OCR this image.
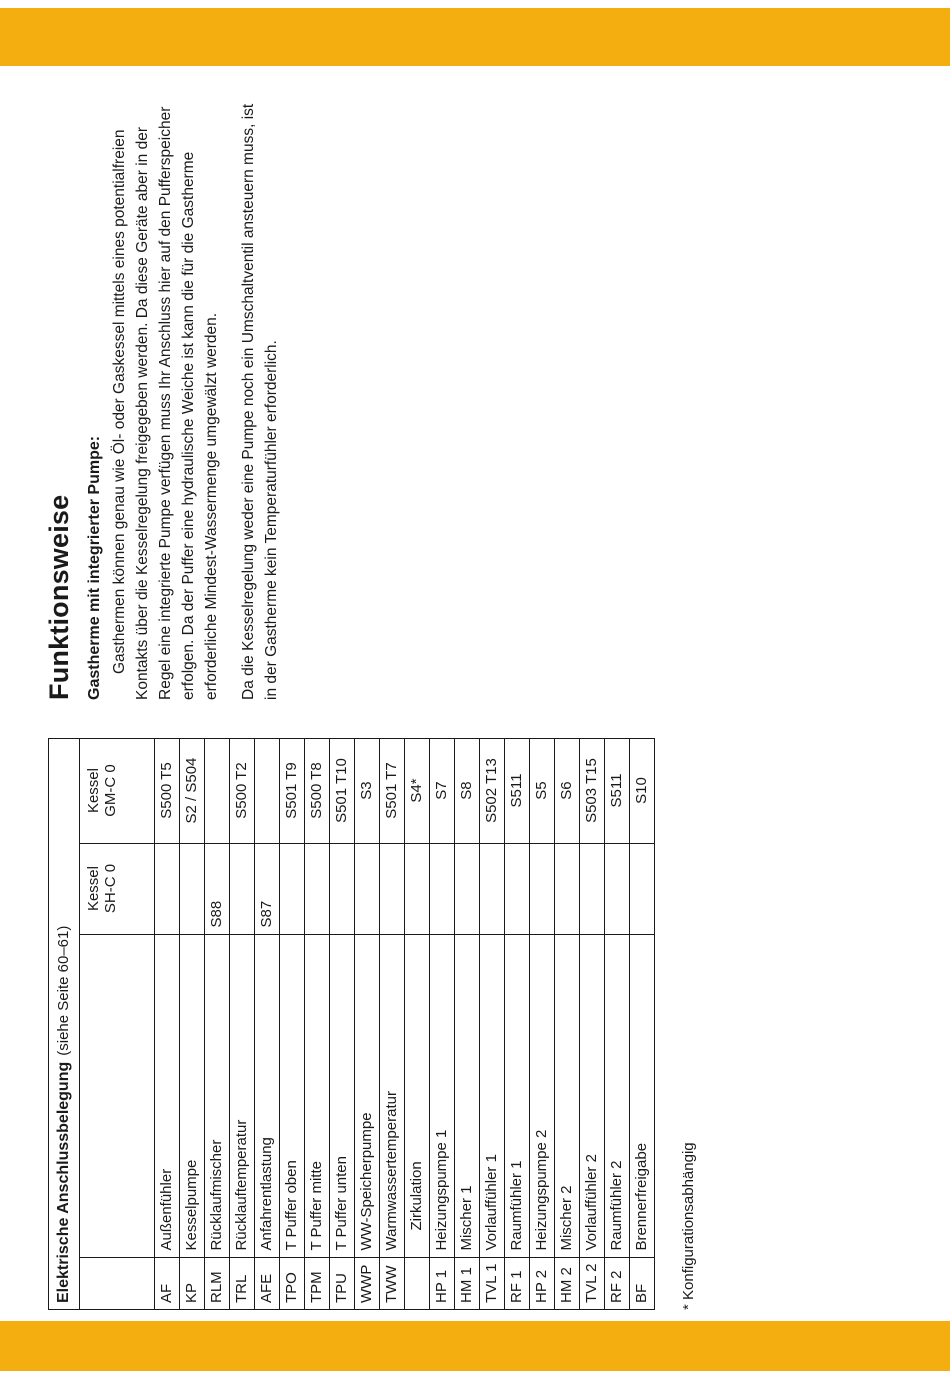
Elektrische Anschlussbelegung(siehe Seite 60–61)			

		Kessel SH-C 0	Kessel GM-C 0

AF	Außenfühler		S500 T5
KP	Kesselpumpe		S2 / S504
RLM	Rücklaufmischer	S88	
TRL	Rücklauftemperatur		S500 T2
AFE	Anfahrentlastung	S87	
TPO	T Puffer oben		S501 T9
TPM	T Puffer mitte		S500 T8
TPU	T Puffer unten		S501 T10
WWP	WW-Speicherpumpe		S3
TWW	Warmwassertemperatur		S501 T7
	Zirkulation		S4*
HP 1	Heizungspumpe 1		S7
HM 1	Mischer 1		S8
TVL 1	Vorlauffühler 1		S502 T13
RF 1	Raumfühler 1		S511
HP 2	Heizungspumpe 2		S5
HM 2	Mischer 2		S6
TVL 2	Vorlauffühler 2		S503 T15
RF 2	Raumfühler 2		S511
BF	Brennerfreigabe		S10
* Konfigurationsabhängig
Funktionsweise Gastherme mit integrierter Pumpe: Gasthermen können genau wie Öl- oder Gaskessel mittels eines potentialfreien Kontakts über die Kesselregelung freigegeben werden. Da diese Geräte aber in der Regel eine integrierte Pumpe verfügen muss Ihr Anschluss hier auf den Pufferspeicher erfolgen. Da der Puffer eine hydraulische Weiche ist kann die für die Gastherme erforderliche Mindest-Wassermenge umgewälzt werden. Da die Kesselregelung weder eine Pumpe noch ein Umschaltventil ansteuern muss, ist in der Gastherme kein Temperaturfühler erforderlich.
